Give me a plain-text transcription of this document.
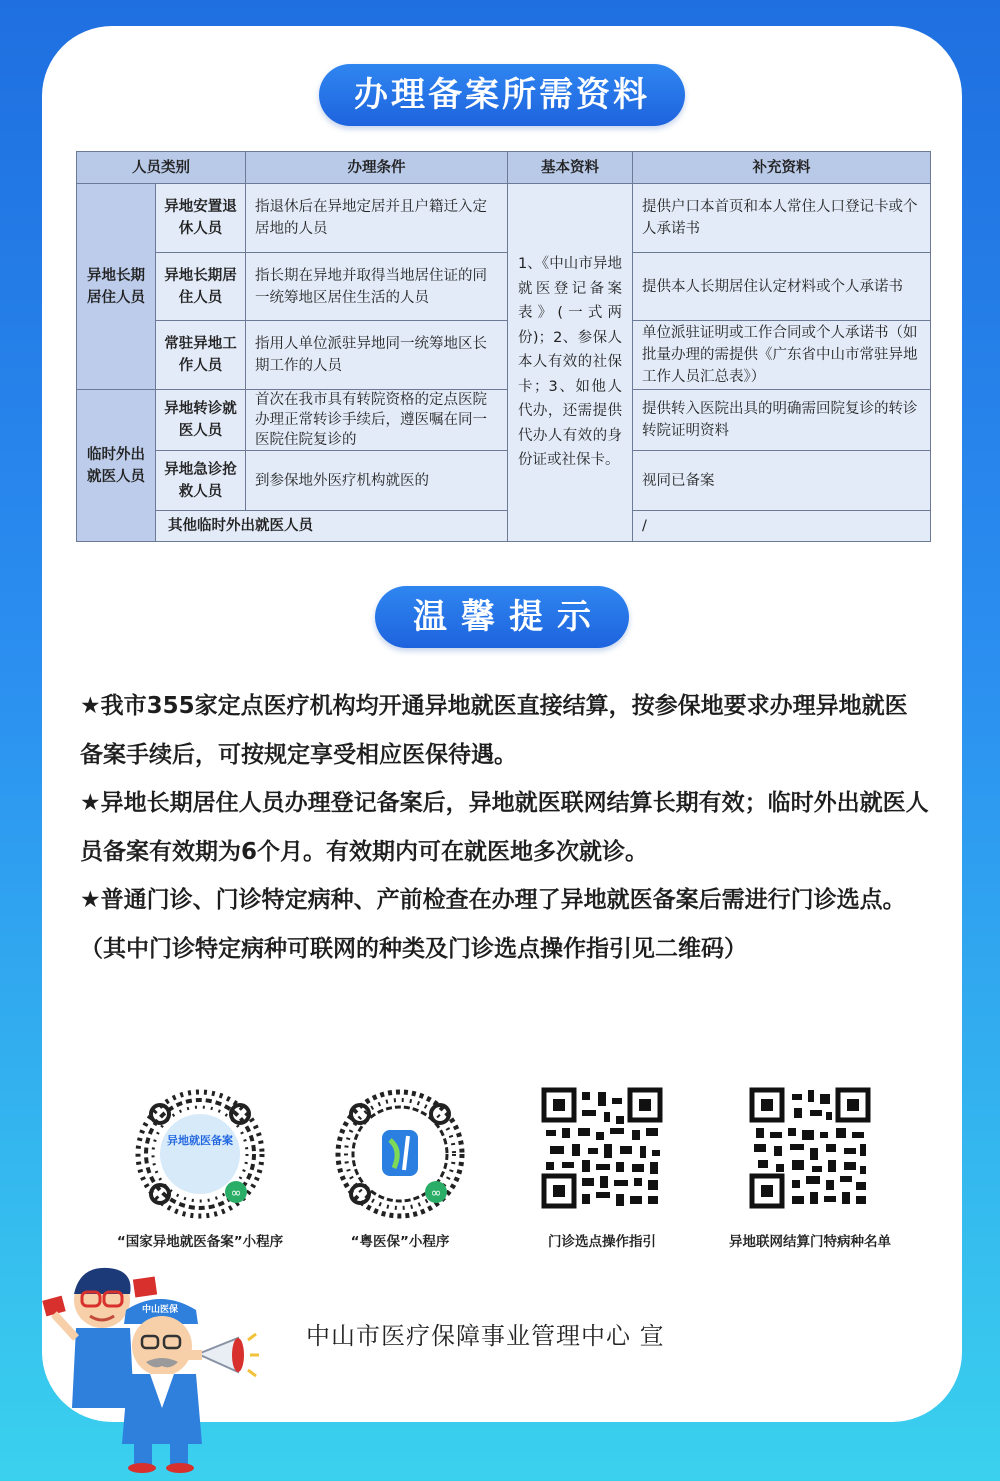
办理备案所需资料
人员类别		办理条件	基本资料	补充资料
异地长期居住人员	异地安置退休人员	指退休后在异地定居并且户籍迁入定居地的人员	1、《中山市异地就医登记备案表》(一式两份)；2、参保人本人有效的社保卡；3、如他人代办，还需提供代办人有效的身份证或社保卡。	提供户口本首页和本人常住人口登记卡或个人承诺书
	异地长期居住人员	指长期在异地并取得当地居住证的同一统筹地区居住生活的人员		提供本人长期居住认定材料或个人承诺书
	常驻异地工作人员	指用人单位派驻异地同一统筹地区长期工作的人员		单位派驻证明或工作合同或个人承诺书（如批量办理的需提供《广东省中山市常驻异地工作人员汇总表》）
临时外出就医人员	异地转诊就医人员	首次在我市具有转院资格的定点医院办理正常转诊手续后，遵医嘱在同一医院住院复诊的		提供转入医院出具的明确需回院复诊的转诊转院证明资料
	异地急诊抢救人员	到参保地外医疗机构就医的		视同已备案
	其他临时外出就医人员			/
温馨提示

★我市355家定点医疗机构均开通异地就医直接结算，按参保地要求办理异地就医备案手续后，可按规定享受相应医保待遇。

★异地长期居住人员办理登记备案后，异地就医联网结算长期有效；临时外出就医人员备案有效期为6个月。有效期内可在就医地多次就诊。

★普通门诊、门诊特定病种、产前检查在办理了异地就医备案后需进行门诊选点。（其中门诊特定病种可联网的种类及门诊选点操作指引见二维码）

异地就医备案
∞
“国家异地就医备案”小程序
∞
“粤医保”小程序	门诊选点操作指引	异地联网结算门特病种名单
中山市医疗保障事业管理中心 宣
中山医保
